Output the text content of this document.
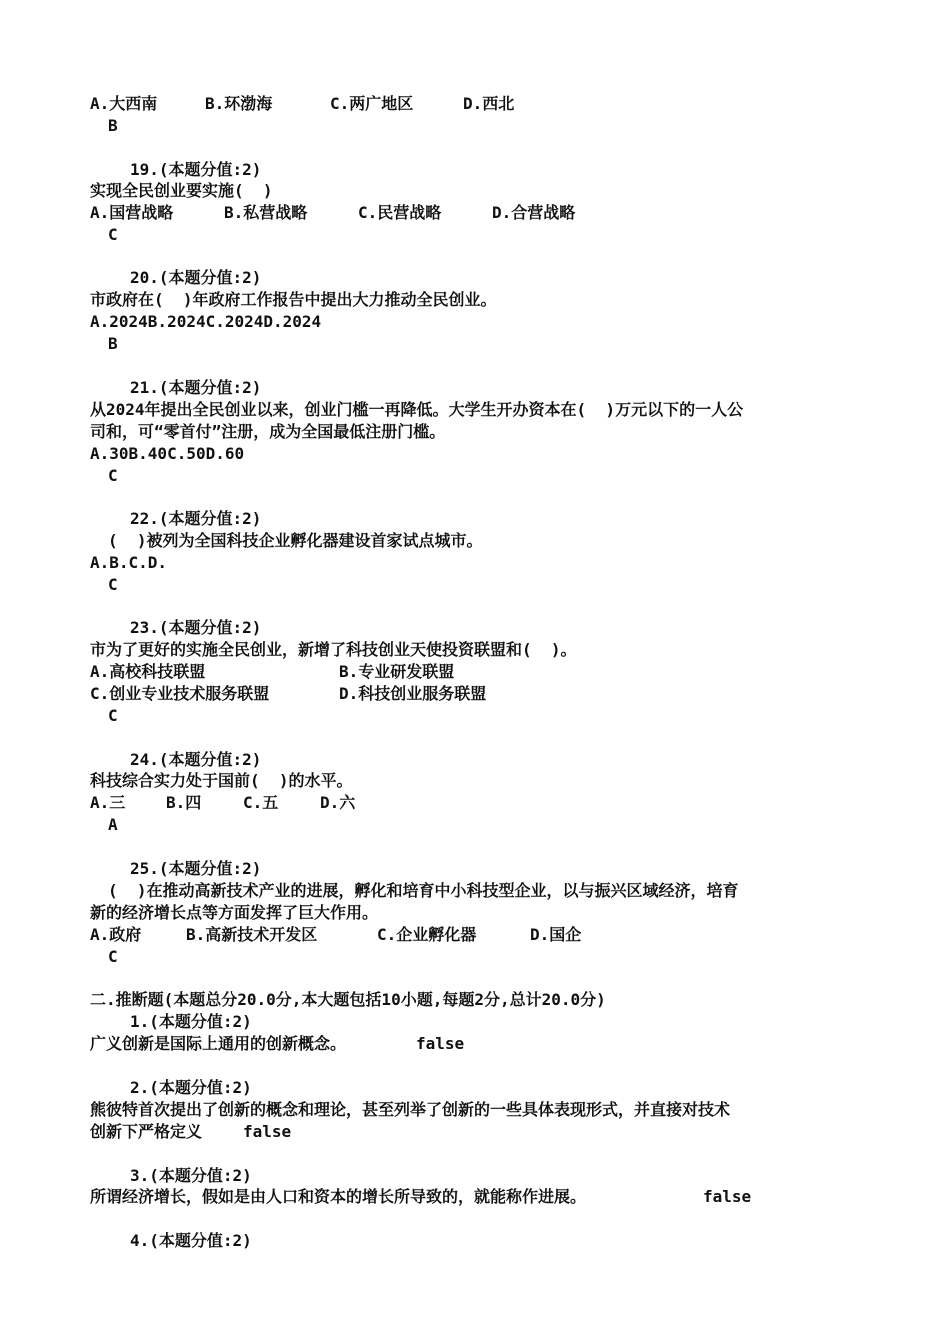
A.大西南	B.环渤海	C.两广地区	D.西北
B
19.(本题分值:2)
实现全民创业要实施(  )
A.国营战略	B.私营战略	C.民营战略	D.合营战略
C
20.(本题分值:2)
市政府在(  )年政府工作报告中提出大力推动全民创业。
A.2024B.2024C.2024D.2024
B
21.(本题分值:2)
从2024年提出全民创业以来，创业门槛一再降低。大学生开办资本在(  )万元以下的一人公
司和，可“零首付”注册，成为全国最低注册门槛。
A.30B.40C.50D.60
C
22.(本题分值:2)
(  )被列为全国科技企业孵化器建设首家试点城市。
A.B.C.D.
C
23.(本题分值:2)
市为了更好的实施全民创业，新增了科技创业天使投资联盟和(  )。
A.高校科技联盟	B.专业研发联盟
C.创业专业技术服务联盟	D.科技创业服务联盟
C
24.(本题分值:2)
科技综合实力处于国前(  )的水平。
A.三	B.四	C.五	D.六
A
25.(本题分值:2)
(  )在推动高新技术产业的进展，孵化和培育中小科技型企业，以与振兴区域经济，培育
新的经济增长点等方面发挥了巨大作用。
A.政府	B.高新技术开发区	C.企业孵化器	D.国企
C
二.推断题(本题总分20.0分,本大题包括10小题,每题2分,总计20.0分)
1.(本题分值:2)
广义创新是国际上通用的创新概念。	false
2.(本题分值:2)
熊彼特首次提出了创新的概念和理论，甚至列举了创新的一些具体表现形式，并直接对技术
创新下严格定义	false
3.(本题分值:2)
所谓经济增长，假如是由人口和资本的增长所导致的，就能称作进展。	false
4.(本题分值:2)
